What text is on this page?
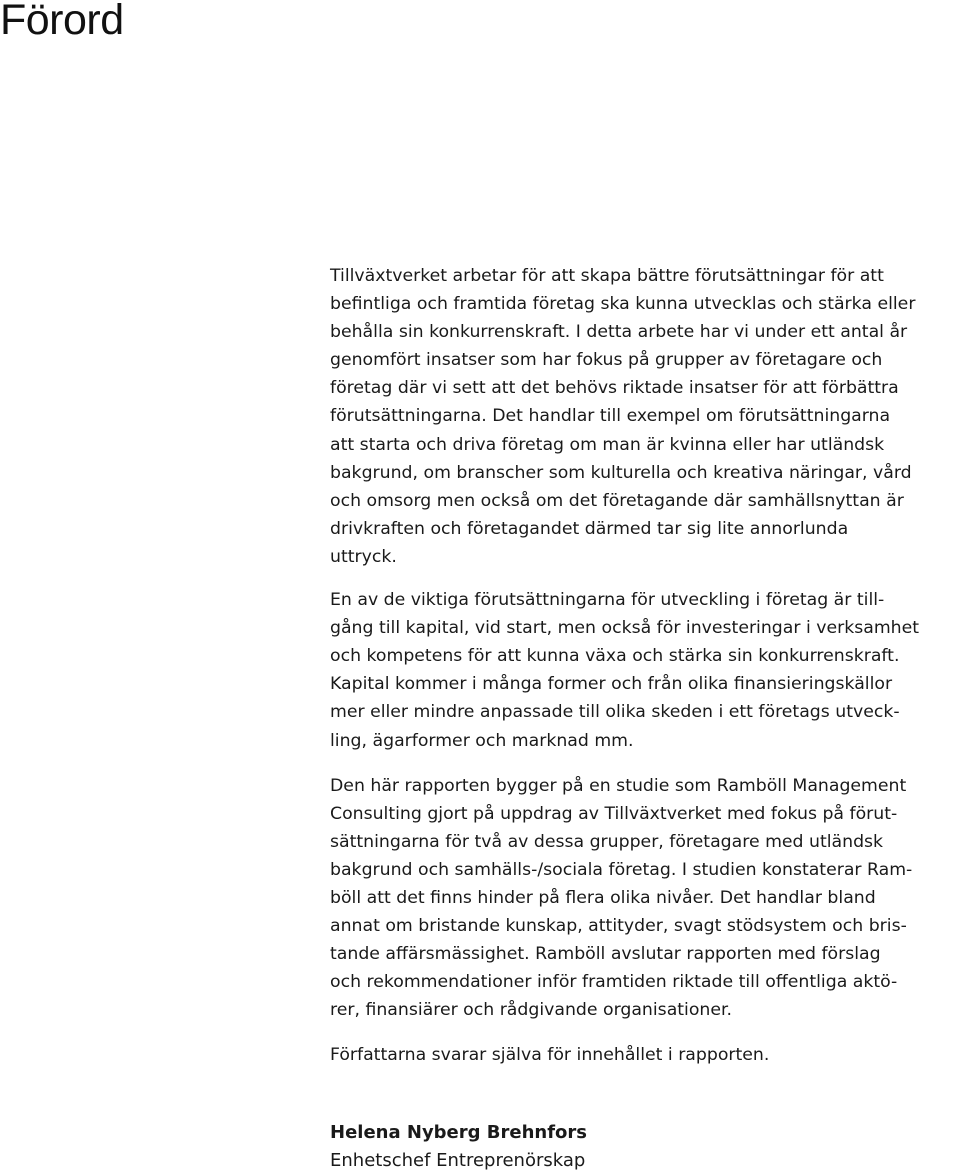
Förord

Tillväxtverket arbetar för att skapa bättre förutsättningar för att
befintliga och framtida företag ska kunna utvecklas och stärka eller
behålla sin konkurrenskraft. I detta arbete har vi under ett antal år
genomfört insatser som har fokus på grupper av företagare och
företag där vi sett att det behövs riktade insatser för att förbättra
förutsättningarna. Det handlar till exempel om förutsättningarna
att starta och driva företag om man är kvinna eller har utländsk
bakgrund, om branscher som kulturella och kreativa näringar, vård
och omsorg men också om det företagande där samhällsnyttan är
drivkraften och företagandet därmed tar sig lite annorlunda
uttryck.

En av de viktiga förutsättningarna för utveckling i företag är till-
gång till kapital, vid start, men också för investeringar i verksamhet
och kompetens för att kunna växa och stärka sin konkurrenskraft.
Kapital kommer i många former och från olika finansieringskällor
mer eller mindre anpassade till olika skeden i ett företags utveck-
ling, ägarformer och marknad mm.

Den här rapporten bygger på en studie som Ramböll Management
Consulting gjort på uppdrag av Tillväxtverket med fokus på förut-
sättningarna för två av dessa grupper, företagare med utländsk
bakgrund och samhälls-/sociala företag. I studien konstaterar Ram-
böll att det finns hinder på flera olika nivåer. Det handlar bland
annat om bristande kunskap, attityder, svagt stödsystem och bris-
tande affärsmässighet. Ramböll avslutar rapporten med förslag
och rekommendationer inför framtiden riktade till offentliga aktö-
rer, finansiärer och rådgivande organisationer.

Författarna svarar själva för innehållet i rapporten.

Helena Nyberg Brehnfors
Enhetschef Entreprenörskap
